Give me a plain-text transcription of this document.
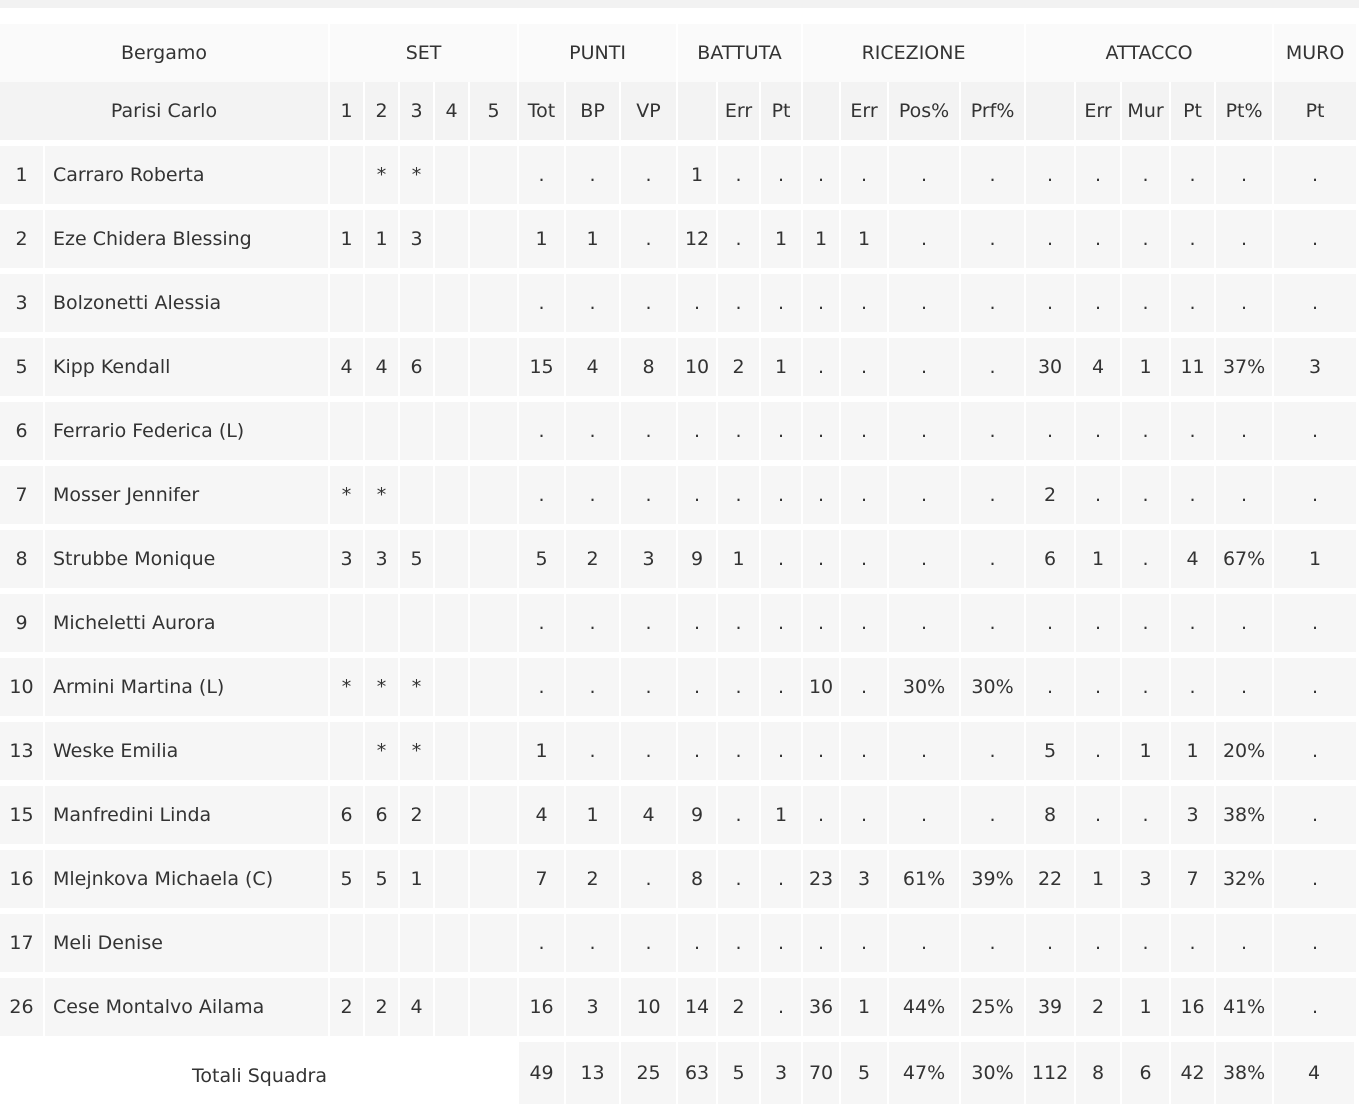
Bergamo		SET					PUNTI			BATTUTA			RICEZIONE				ATTACCO					MURO
Parisi Carlo		1	2	3	4	5	Tot	BP	VP		Err	Pt		Err	Pos%	Prf%		Err	Mur	Pt	Pt%	Pt
1	Carraro Roberta		*	*			.	.	.	1	.	.	.	.	.	.	.	.	.	.	.	.
2	Eze Chidera Blessing	1	1	3			1	1	.	12	.	1	1	1	.	.	.	.	.	.	.	.
3	Bolzonetti Alessia						.	.	.	.	.	.	.	.	.	.	.	.	.	.	.	.
5	Kipp Kendall	4	4	6			15	4	8	10	2	1	.	.	.	.	30	4	1	11	37%	3
6	Ferrario Federica (L)						.	.	.	.	.	.	.	.	.	.	.	.	.	.	.	.
7	Mosser Jennifer	*	*				.	.	.	.	.	.	.	.	.	.	2	.	.	.	.	.
8	Strubbe Monique	3	3	5			5	2	3	9	1	.	.	.	.	.	6	1	.	4	67%	1
9	Micheletti Aurora						.	.	.	.	.	.	.	.	.	.	.	.	.	.	.	.
10	Armini Martina (L)	*	*	*			.	.	.	.	.	.	10	.	30%	30%	.	.	.	.	.	.
13	Weske Emilia		*	*			1	.	.	.	.	.	.	.	.	.	5	.	1	1	20%	.
15	Manfredini Linda	6	6	2			4	1	4	9	.	1	.	.	.	.	8	.	.	3	38%	.
16	Mlejnkova Michaela (C)	5	5	1			7	2	.	8	.	.	23	3	61%	39%	22	1	3	7	32%	.
17	Meli Denise						.	.	.	.	.	.	.	.	.	.	.	.	.	.	.	.
26	Cese Montalvo Ailama	2	2	4			16	3	10	14	2	.	36	1	44%	25%	39	2	1	16	41%	.
Totali Squadra							49	13	25	63	5	3	70	5	47%	30%	112	8	6	42	38%	4
